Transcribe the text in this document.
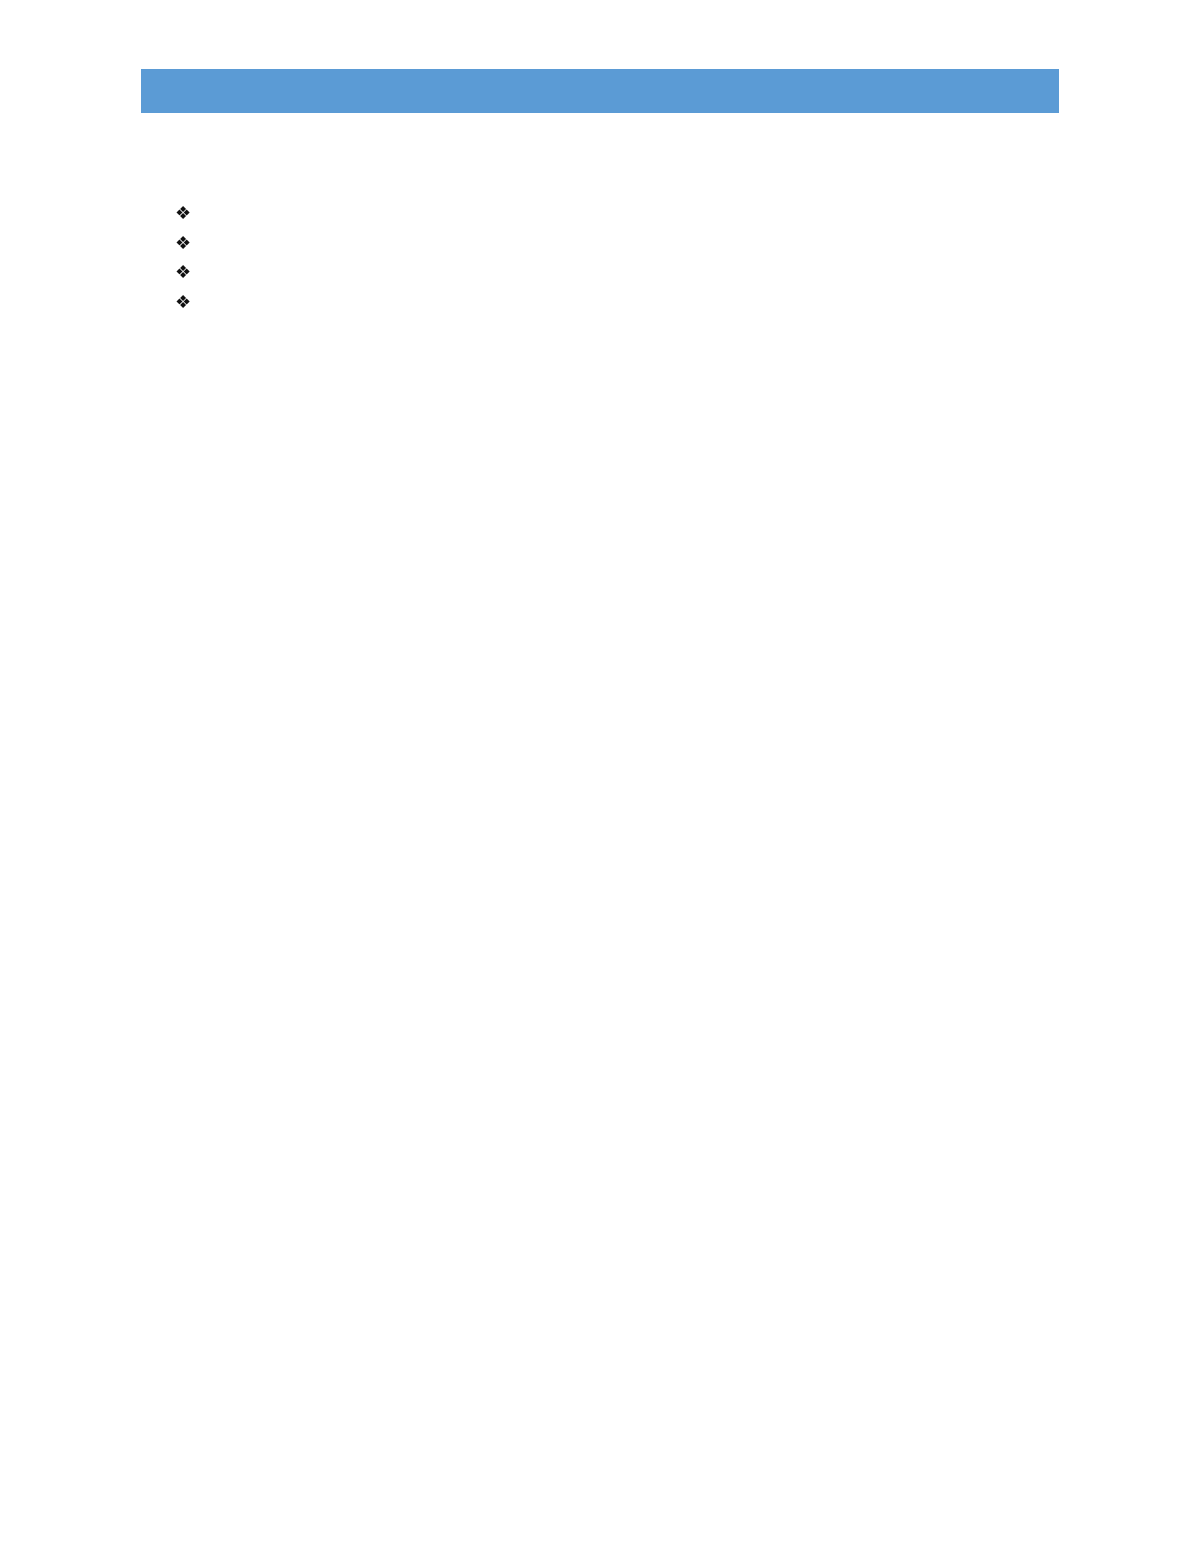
❖
❖
❖
❖
